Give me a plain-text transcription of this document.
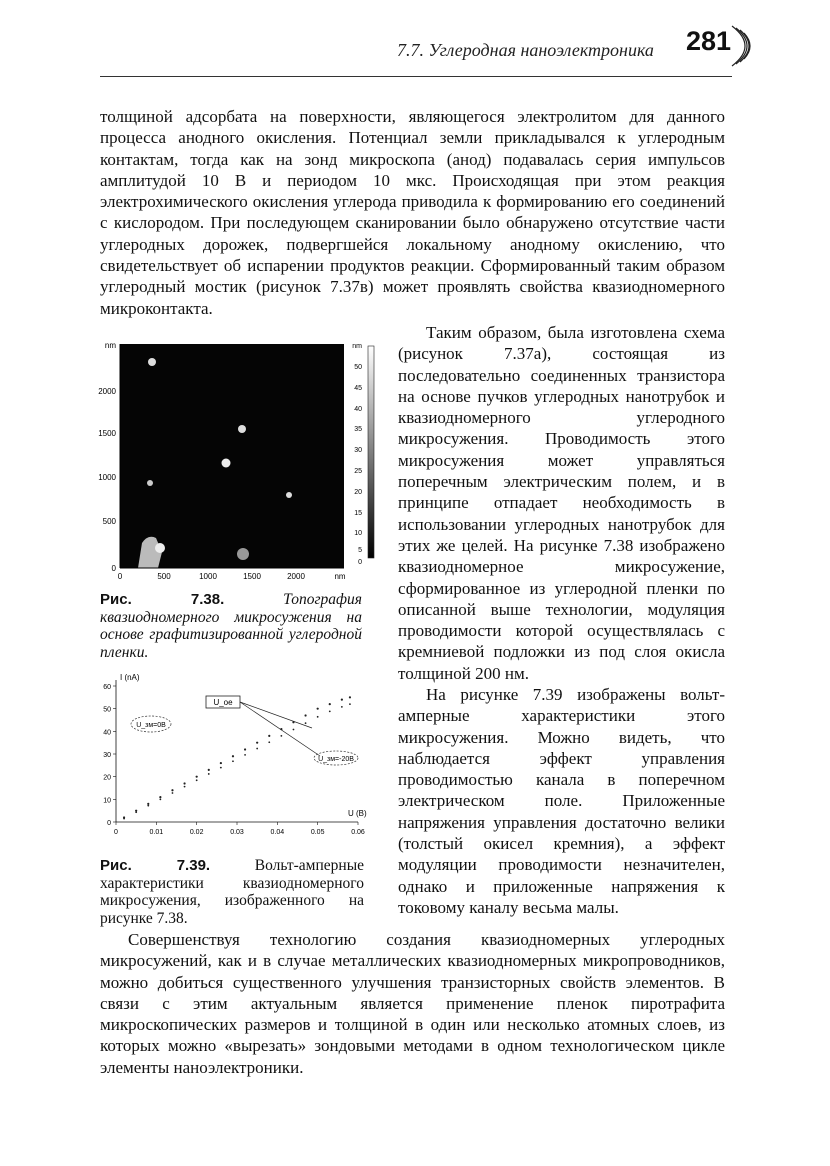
7.7. Углеродная наноэлектроника 281

толщиной адсорбата на поверхности, являющегося электролитом для данного процесса анодного окисления. Потенциал земли прикладывался к углеродным контактам, тогда как на зонд микроскопа (анод) подавалась серия импульсов амплитудой 10 В и периодом 10 мкс. Происходящая при этом реакция электрохимического окисления углерода приводила к формированию его соединений с кислородом. При последующем сканировании было обнаружено отсутствие части углеродных дорожек, подвергшейся локальному анодному окислению, что свидетельствует об испарении продуктов реакции. Сформированный таким образом углеродный мостик (рисунок 7.37в) может проявлять свойства квазиодномерного микроконтакта.

0
500
1000
1500
2000
nm
0	500	1000	1500	2000	nm
nm
50
45
40
35
30
25
20
15
10
5
0

Рис. 7.38.	Топография квазиодномерного микросужения на основе графитизированной углеродной пленки.

0	0.01	0.02	0.03	0.04	0.05	0.06
0
10
20
30
40
50
60
I (nA)
U (B)
U_ое
U_зм=0В
U_зм=-20В

Рис. 7.39.	Вольт-амперные характеристики квазиодномерного микросужения, изображенного на рисунке 7.38.

Таким образом, была изготовлена схема (рисунок 7.37а), состоящая из последовательно соединенных транзистора на основе пучков углеродных нанотрубок и квазиодномерного углеродного микросужения. Проводимость этого микросужения может управляться поперечным электрическим полем, и в принципе отпадает необходимость в использовании углеродных нанотрубок для этих же целей. На рисунке 7.38 изображено квазиодномерное микросужение, сформированное из углеродной пленки по описанной выше технологии, модуляция проводимости которой осуществлялась с кремниевой подложки из под слоя окисла толщиной 200 нм.

На рисунке 7.39 изображены вольт-амперные характеристики этого микросужения. Можно видеть, что наблюдается эффект управления проводимостью канала в поперечном электрическом поле. Приложенные напряжения управления достаточно велики (толстый окисел кремния), а эффект модуляции проводимости незначителен, однако и приложенные напряжения к токовому каналу весьма малы.

Совершенствуя технологию создания квазиодномерных углеродных микросужений, как и в случае металлических квазиодномерных микропроводников, можно добиться существенного улучшения транзисторных свойств элементов. В связи с этим актуальным является применение пленок пиротрафита микроскопических размеров и толщиной в один или несколько атомных слоев, из которых можно «вырезать» зондовыми методами в одном технологическом цикле элементы наноэлектроники.
